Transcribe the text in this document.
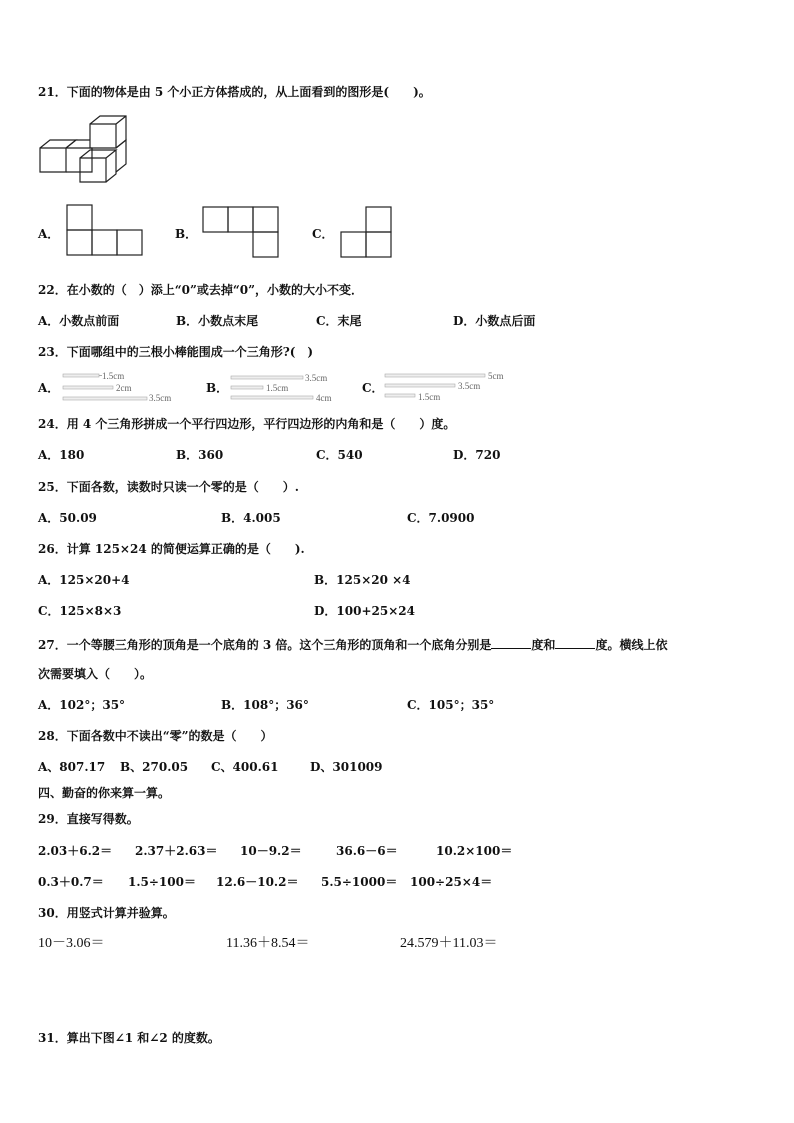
21．下面的物体是由 5 个小正方体搭成的，从上面看到的图形是(　　)。
A．	B．	C．
22．在小数的（　）添上“0”或去掉“0”，小数的大小不变．
A．小数点前面	B．小数点末尾	C．末尾	D．小数点后面
23．下面哪组中的三根小棒能围成一个三角形?(　)
A．
1.5cm
2cm
3.5cm
B．
3.5cm
1.5cm
4cm
C．
5cm
3.5cm
1.5cm
24．用 4 个三角形拼成一个平行四边形，平行四边形的内角和是（　　）度。
A．180	B．360	C．540	D．720
25．下面各数，读数时只读一个零的是（　　）.
A．50.09	B．4.005	C．7.0900
26．计算 125×24 的简便运算正确的是（　　).
A．125×20+4	B．125×20 ×4
C．125×8×3	D．100+25×24
27．一个等腰三角形的顶角是一个底角的 3 倍。这个三角形的顶角和一个底角分别是	度和	度。横线上依
次需要填入（　　）。
A．102°；35°	B．108°；36°	C．105°；35°
28．下面各数中不读出“零”的数是（　　）
A、807.17 B、270.05 C、400.61	D、301009
四、勤奋的你来算一算。
29．直接写得数。
2.03＋6.2＝ 2.37＋2.63＝ 10－9.2＝	36.6－6＝	10.2×100＝
0.3＋0.7＝ 1.5÷100＝ 12.6－10.2＝ 5.5÷1000＝ 100÷25×4＝
30．用竖式计算并验算。
10－3.06＝	11.36＋8.54＝	24.579＋11.03＝
31．算出下图∠1 和∠2 的度数。
